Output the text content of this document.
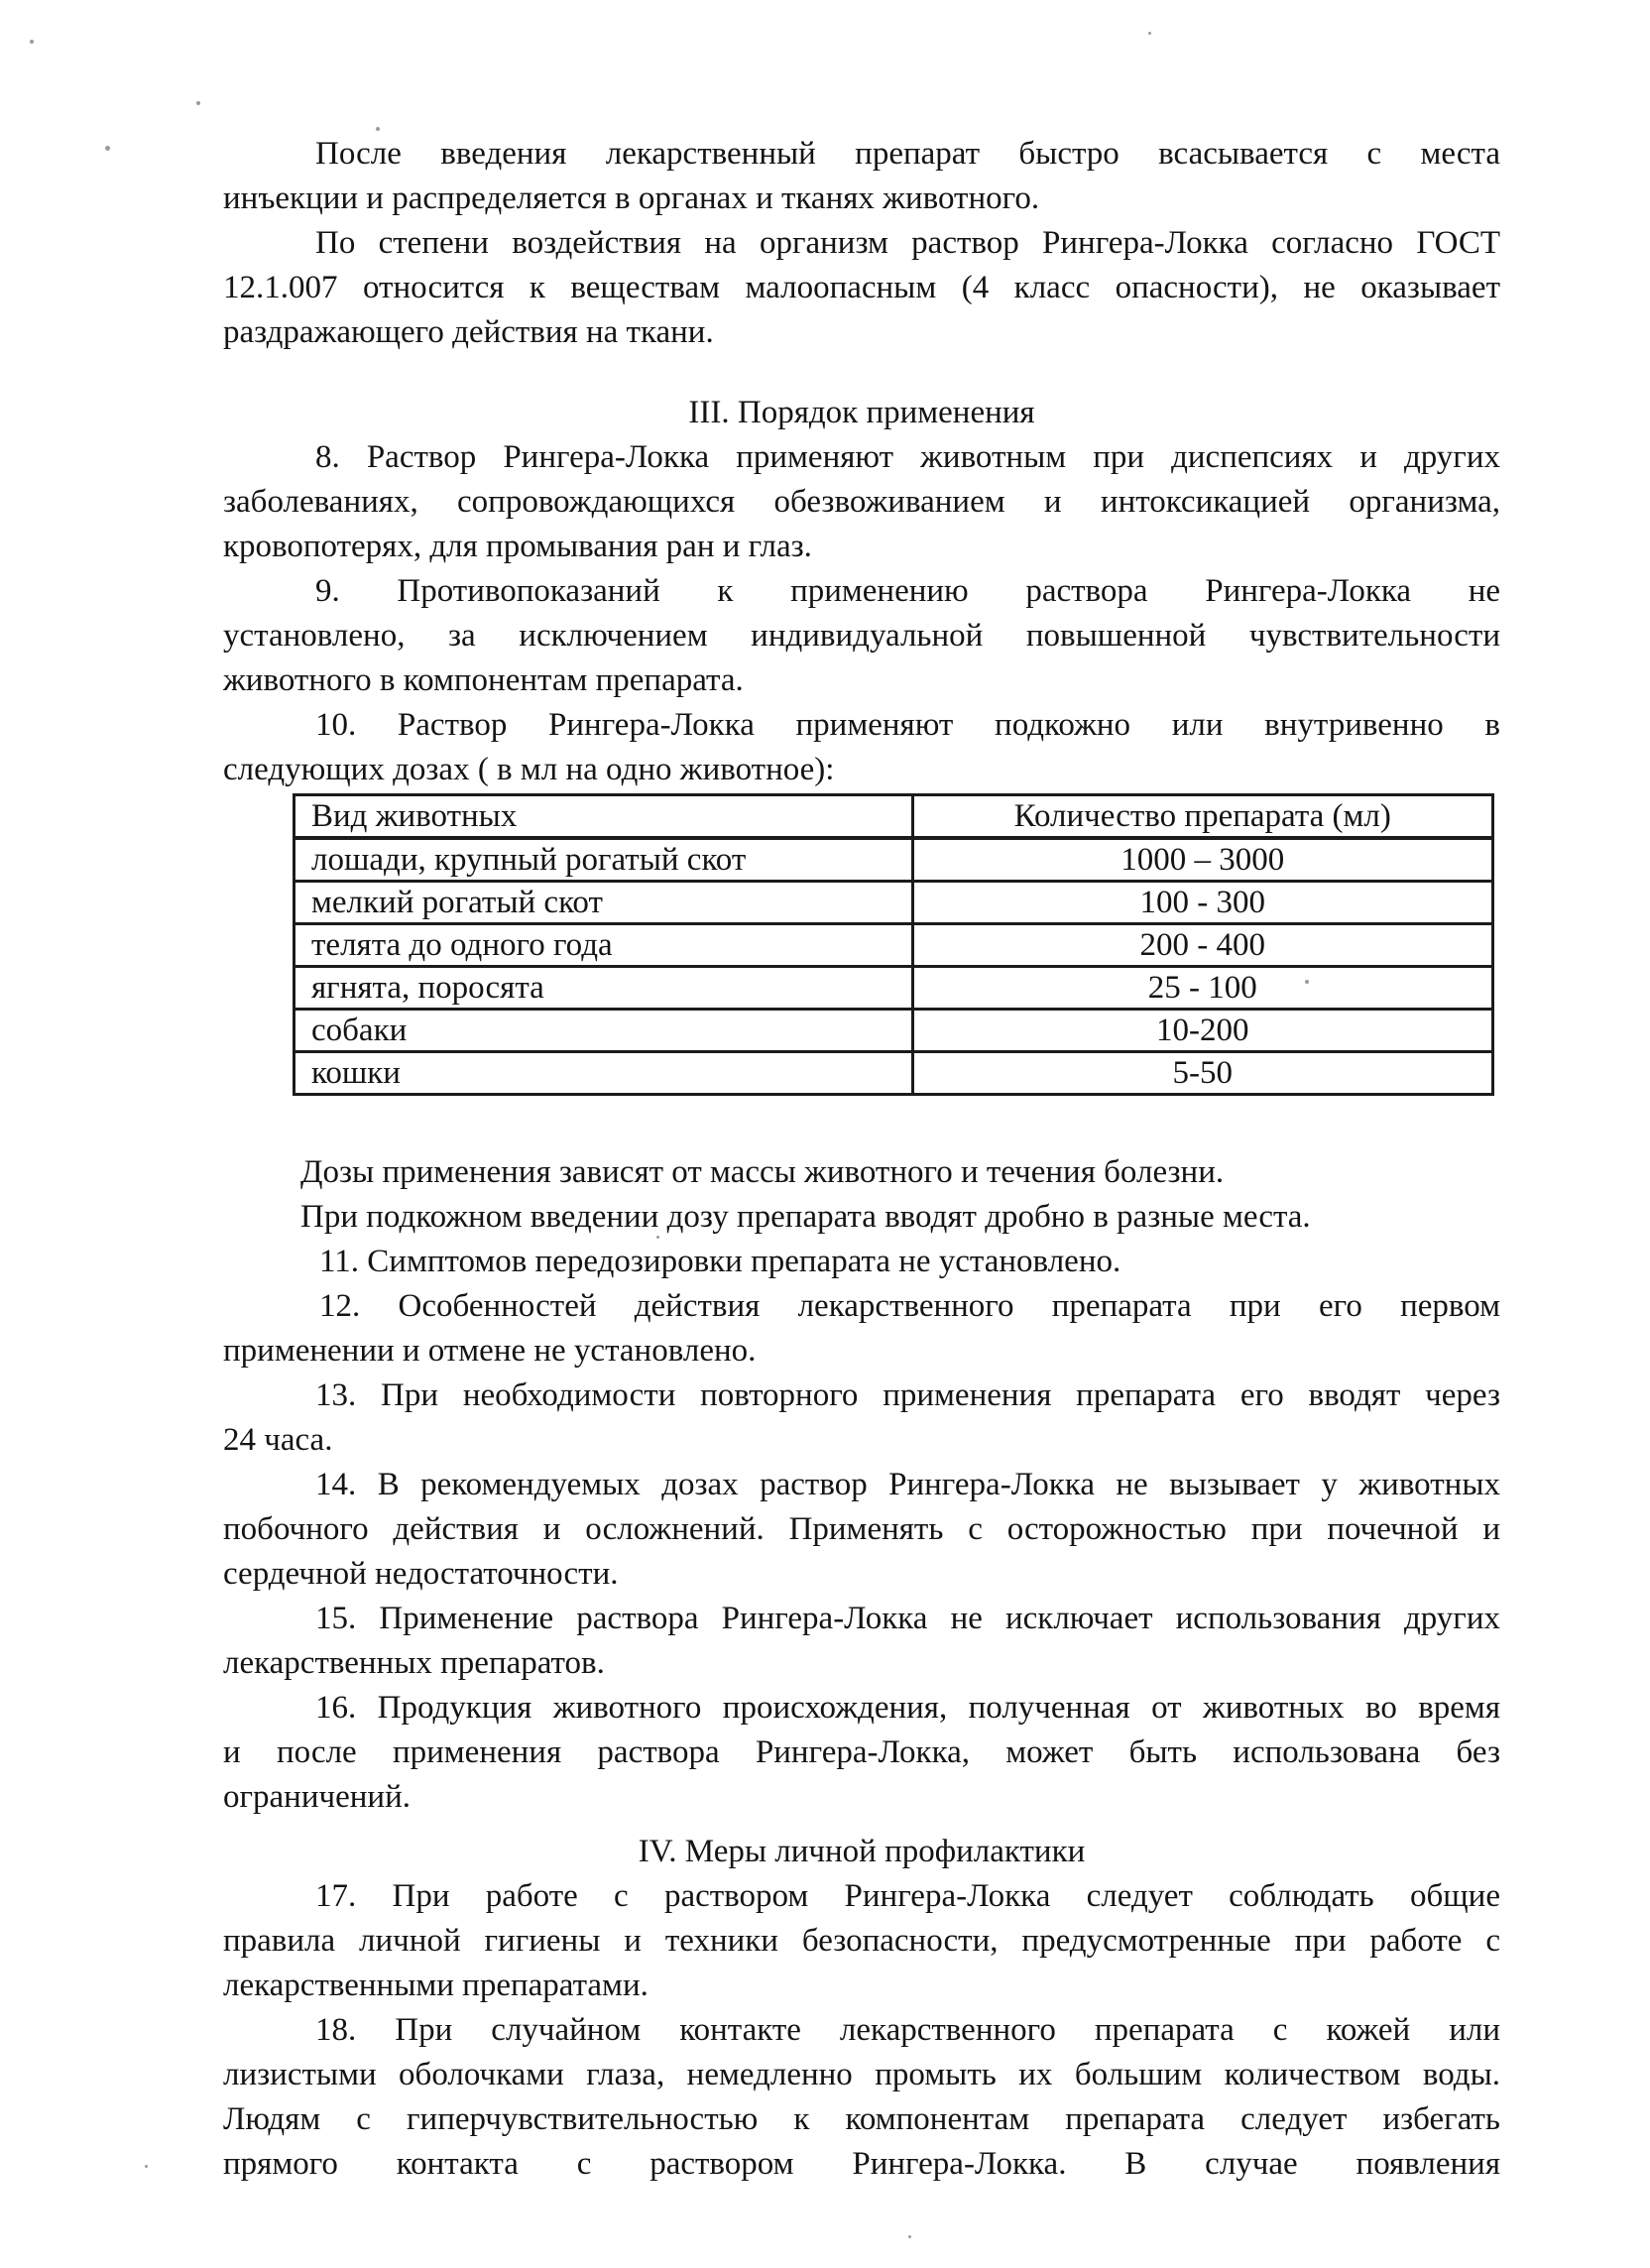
После введения лекарственный препарат быстро всасывается с места
инъекции и распределяется в органах и тканях животного.
По степени воздействия на организм раствор Рингера-Локка согласно ГОСТ
12.1.007 относится к веществам малоопасным (4 класс опасности), не оказывает
раздражающего действия на ткани.
III. Порядок применения
8. Раствор Рингера-Локка применяют животным при диспепсиях и других
заболеваниях, сопровождающихся обезвоживанием и интоксикацией организма,
кровопотерях, для промывания ран и глаз.
9. Противопоказаний к применению раствора Рингера-Локка не
установлено, за исключением индивидуальной повышенной чувствительности
животного в компонентам препарата.
10. Раствор Рингера-Локка применяют подкожно или внутривенно в
следующих дозах ( в мл на одно животное):
Вид животных	Количество препарата (мл)
лошади, крупный рогатый скот	1000 – 3000
мелкий рогатый скот	100 - 300
телята до одного года	200 - 400
ягнята, поросята	25 - 100
собаки	10-200
кошки	5-50
Дозы применения зависят от массы животного и течения болезни.
При подкожном введении дозу препарата вводят дробно в разные места.
11. Симптомов передозировки препарата не установлено.
12. Особенностей действия лекарственного препарата при его первом
применении и отмене не установлено.
13. При необходимости повторного применения препарата его вводят через
24 часа.
14. В рекомендуемых дозах раствор Рингера-Локка не вызывает у животных
побочного действия и осложнений. Применять с осторожностью при почечной и
сердечной недостаточности.
15. Применение раствора Рингера-Локка не исключает использования других
лекарственных препаратов.
16. Продукция животного происхождения, полученная от животных во время
и после применения раствора Рингера-Локка, может быть использована без
ограничений.
IV. Меры личной профилактики
17. При работе с раствором Рингера-Локка следует соблюдать общие
правила личной гигиены и техники безопасности, предусмотренные при работе с
лекарственными препаратами.
18. При случайном контакте лекарственного препарата с кожей или
лизистыми оболочками глаза, немедленно промыть их большим количеством воды.
Людям с гиперчувствительностью к компонентам препарата следует избегать
прямого контакта с раствором Рингера-Локка. В случае появления
